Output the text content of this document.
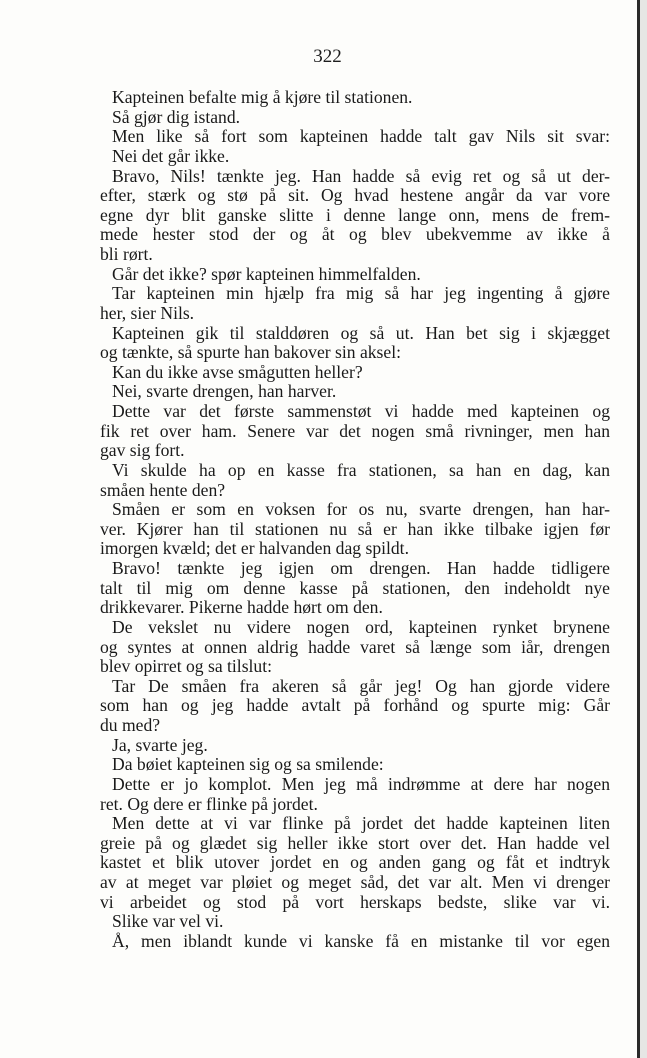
322
Kapteinen befalte mig å kjøre til stationen.
Så gjør dig istand.
Men like så fort som kapteinen hadde talt gav Nils sit svar:
Nei det går ikke.
Bravo, Nils! tænkte jeg. Han hadde så evig ret og så ut der-
efter, stærk og stø på sit. Og hvad hestene angår da var vore
egne dyr blit ganske slitte i denne lange onn, mens de frem-
mede hester stod der og åt og blev ubekvemme av ikke å
bli rørt.
Går det ikke? spør kapteinen himmelfalden.
Tar kapteinen min hjælp fra mig så har jeg ingenting å gjøre
her, sier Nils.
Kapteinen gik til stalddøren og så ut. Han bet sig i skjægget
og tænkte, så spurte han bakover sin aksel:
Kan du ikke avse smågutten heller?
Nei, svarte drengen, han harver.
Dette var det første sammenstøt vi hadde med kapteinen og
fik ret over ham. Senere var det nogen små rivninger, men han
gav sig fort.
Vi skulde ha op en kasse fra stationen, sa han en dag, kan
småen hente den?
Småen er som en voksen for os nu, svarte drengen, han har-
ver. Kjører han til stationen nu så er han ikke tilbake igjen før
imorgen kvæld; det er halvanden dag spildt.
Bravo! tænkte jeg igjen om drengen. Han hadde tidligere
talt til mig om denne kasse på stationen, den indeholdt nye
drikkevarer. Pikerne hadde hørt om den.
De vekslet nu videre nogen ord, kapteinen rynket brynene
og syntes at onnen aldrig hadde varet så længe som iår, drengen
blev opirret og sa tilslut:
Tar De småen fra akeren så går jeg! Og han gjorde videre
som han og jeg hadde avtalt på forhånd og spurte mig: Går
du med?
Ja, svarte jeg.
Da bøiet kapteinen sig og sa smilende:
Dette er jo komplot. Men jeg må indrømme at dere har nogen
ret. Og dere er flinke på jordet.
Men dette at vi var flinke på jordet det hadde kapteinen liten
greie på og glædet sig heller ikke stort over det. Han hadde vel
kastet et blik utover jordet en og anden gang og fåt et indtryk
av at meget var pløiet og meget såd, det var alt. Men vi drenger
vi arbeidet og stod på vort herskaps bedste, slike var vi.
Slike var vel vi.
Å, men iblandt kunde vi kanske få en mistanke til vor egen
